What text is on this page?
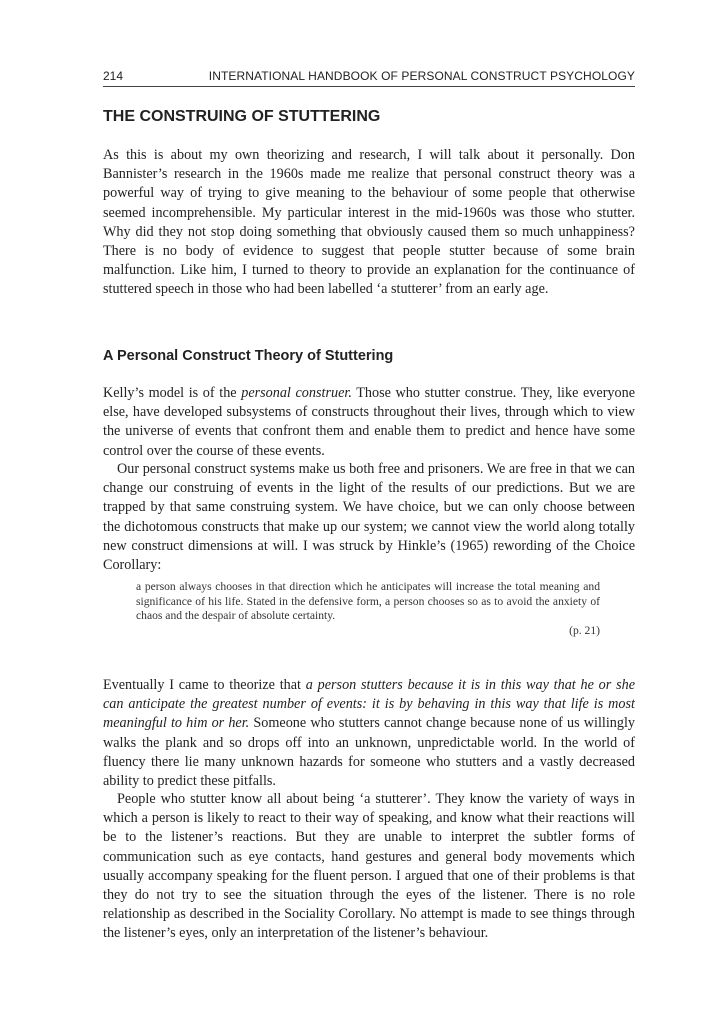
214	INTERNATIONAL HANDBOOK OF PERSONAL CONSTRUCT PSYCHOLOGY
THE CONSTRUING OF STUTTERING

As this is about my own theorizing and research, I will talk about it personally. Don Bannister’s research in the 1960s made me realize that personal construct theory was a powerful way of trying to give meaning to the behaviour of some people that otherwise seemed incomprehensible. My particular interest in the mid-1960s was those who stutter. Why did they not stop doing something that obviously caused them so much unhappiness? There is no body of evidence to suggest that people stutter because of some brain malfunction. Like him, I turned to theory to provide an explanation for the continuance of stuttered speech in those who had been labelled ‘a stutterer’ from an early age.

A Personal Construct Theory of Stuttering

Kelly’s model is of the personal construer. Those who stutter construe. They, like everyone else, have developed subsystems of constructs throughout their lives, through which to view the universe of events that confront them and enable them to predict and hence have some control over the course of these events.

Our personal construct systems make us both free and prisoners. We are free in that we can change our construing of events in the light of the results of our predictions. But we are trapped by that same construing system. We have choice, but we can only choose between the dichotomous constructs that make up our system; we cannot view the world along totally new construct dimensions at will. I was struck by Hinkle’s (1965) rewording of the Choice Corollary:

a person always chooses in that direction which he anticipates will increase the total meaning and significance of his life. Stated in the defensive form, a person chooses so as to avoid the anxiety of chaos and the despair of absolute certainty.
(p. 21)

Eventually I came to theorize that a person stutters because it is in this way that he or she can anticipate the greatest number of events: it is by behaving in this way that life is most meaningful to him or her. Someone who stutters cannot change because none of us willingly walks the plank and so drops off into an unknown, unpredictable world. In the world of fluency there lie many unknown hazards for someone who stutters and a vastly decreased ability to predict these pitfalls.

People who stutter know all about being ‘a stutterer’. They know the variety of ways in which a person is likely to react to their way of speaking, and know what their reactions will be to the listener’s reactions. But they are unable to interpret the subtler forms of communication such as eye contacts, hand gestures and general body movements which usually accompany speaking for the fluent person. I argued that one of their problems is that they do not try to see the situation through the eyes of the listener. There is no role relationship as described in the Sociality Corollary. No attempt is made to see things through the listener’s eyes, only an interpretation of the listener’s behaviour.
